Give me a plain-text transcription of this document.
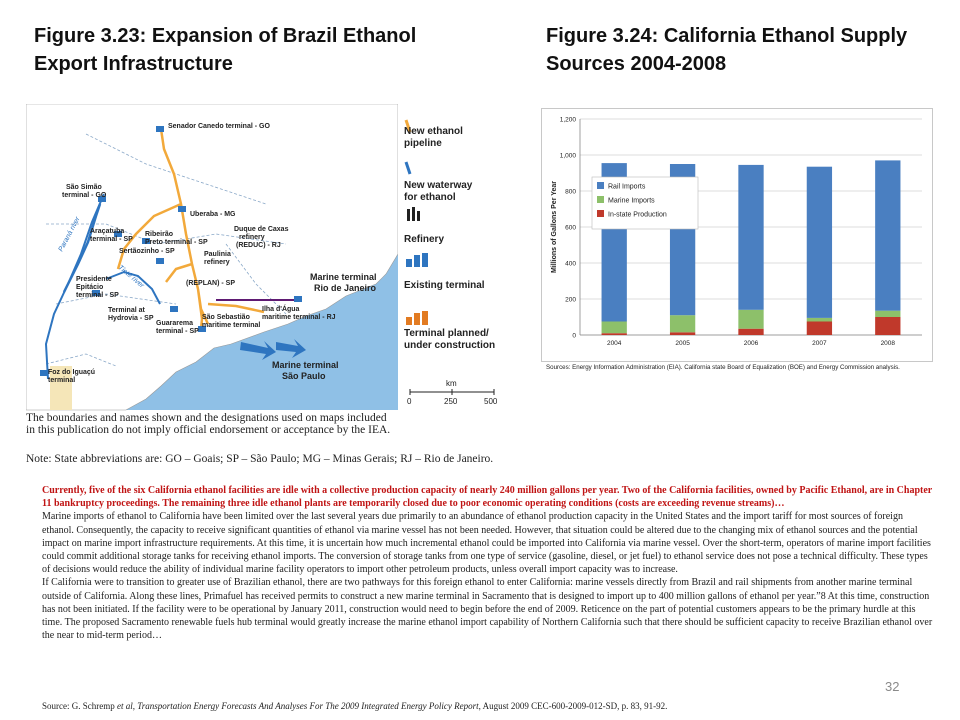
Figure 3.23: Expansion of Brazil Ethanol Export Infrastructure
Figure 3.24: California Ethanol Supply Sources 2004-2008
Senador Canedo terminal - GO
São Simão
terminal - GO
Uberaba - MG
Araçatuba
terminal - SP
Ribeirão
Preto terminal - SP
Sertãozinho - SP
Duque de Caxas
refinery
(REDUC) - RJ
Paulinia
refinery
(REPLAN) - SP
Presidente
Epitácio
terminal - SP
Terminal at
Hydrovia - SP
Guararema
terminal - SP
São Sebastião
maritime terminal
Ilha d'Água
maritime terminal - RJ
Foz do Iguaçú
terminal
Marine terminal
Rio de Janeiro
Marine terminal
São Paulo
Paraná river
Tietê river
New ethanol
pipeline
New waterway
for ethanol
Refinery
Existing terminal
Terminal planned/
under construction
km
0	250	500
The boundaries and names shown and the designations used on maps included
in this publication do not imply official endorsement or acceptance by the IEA.
Note: State abbreviations are: GO – Goais; SP – São Paulo; MG – Minas Gerais; RJ – Rio de Janeiro.
0
200
400
600
800
1,000
1,200
Millions of Gallons Per Year
2004	2005	2006	2007	2008
Rail Imports
Marine Imports
In-state Production
Sources: Energy Information Administration (EIA). California state Board of Equalization (BOE) and Energy Commission analysis.

Currently, five of the six California ethanol facilities are idle with a collective production capacity of nearly 240 million gallons per year. Two of the California facilities, owned by Pacific Ethanol, are in Chapter 11 bankruptcy proceedings. The remaining three idle ethanol plants are temporarily closed due to poor economic operating conditions (costs are exceeding revenue streams)…

Marine imports of ethanol to California have been limited over the last several years due primarily to an abundance of ethanol production capacity in the United States and the import tariff for most sources of foreign ethanol. Consequently, the capacity to receive significant quantities of ethanol via marine vessel has not been needed. However, that situation could be altered due to the changing mix of ethanol sources and the potential impact on marine import infrastructure requirements. At this time, it is uncertain how much incremental ethanol could be imported into California via marine vessel. Over the short-term, operators of marine import facilities could commit additional storage tanks for receiving ethanol imports. The conversion of storage tanks from one type of service (gasoline, diesel, or jet fuel) to ethanol service does not pose a technical difficulty. These types of decisions would reduce the ability of individual marine facility operators to import other petroleum products, unless overall import capacity was to increase.

If California were to transition to greater use of Brazilian ethanol, there are two pathways for this foreign ethanol to enter California: marine vessels directly from Brazil and rail shipments from another marine terminal outside of California. Along these lines, Primafuel has received permits to construct a new marine terminal in Sacramento that is designed to import up to 400 million gallons of ethanol per year.”8 At this time, construction has not been initiated. If the facility were to be operational by January 2011, construction would need to begin before the end of 2009. Reticence on the part of potential customers appears to be the primary hurdle at this time. The proposed Sacramento renewable fuels hub terminal would greatly increase the marine ethanol import capability of Northern California such that there should be sufficient capacity to receive Brazilian ethanol over the near to mid-term period…

32
Source: G. Schremp et al, Transportation Energy Forecasts And Analyses For The 2009 Integrated Energy Policy Report, August 2009 CEC-600-2009-012-SD, p. 83, 91-92.
